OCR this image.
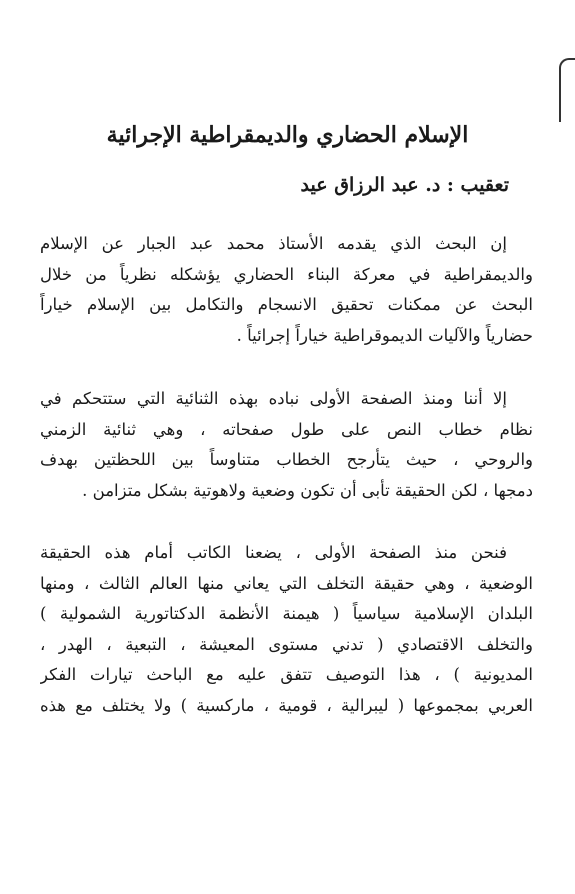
الإسلام الحضاري والديمقراطية الإجرائية
تعقيب : د. عبد الرزاق عيد
إن البحث الذي يقدمه الأستاذ محمد عبد الجبار عن الإسلام
والديمقراطية في معركة البناء الحضاري يؤشكله نظرياً من خلال
البحث عن ممكنات تحقيق الانسجام والتكامل بين الإسلام خياراً
حضارياً والآليات الديموقراطية خياراً إجرائياً .
إلا أننا ومنذ الصفحة الأولى نباده بهذه الثنائية التي ستتحكم في
نظام خطاب النص على طول صفحاته ، وهي ثنائية الزمني
والروحي ، حيث يتأرجح الخطاب متناوساً بين اللحظتين بهدف
دمجها ، لكن الحقيقة تأبى أن تكون وضعية ولاهوتية بشكل متزامن .
فنحن منذ الصفحة الأولى ، يضعنا الكاتب أمام هذه الحقيقة
الوضعية ، وهي حقيقة التخلف التي يعاني منها العالم الثالث ، ومنها
البلدان الإسلامية سياسياً ( هيمنة الأنظمة الدكتاتورية الشمولية )
والتخلف الاقتصادي ( تدني مستوى المعيشة ، التبعية ، الهدر ،
المديونية ) ، هذا التوصيف تتفق عليه مع الباحث تيارات الفكر
العربي بمجموعها ( ليبرالية ، قومية ، ماركسية ) ولا يختلف مع هذه
